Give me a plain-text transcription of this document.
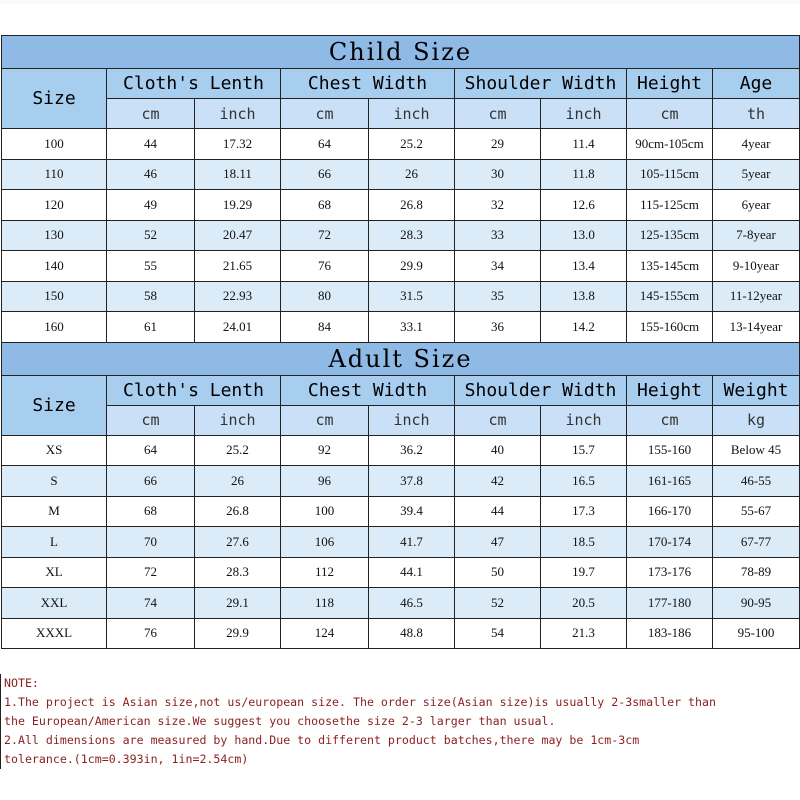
Child Size								
Size	Cloth's Lenth		Chest Width		Shoulder Width		Height	Age
	cm	inch	cm	inch	cm	inch	cm	th
100	44	17.32	64	25.2	29	11.4	90cm-105cm	4year
110	46	18.11	66	26	30	11.8	105-115cm	5year
120	49	19.29	68	26.8	32	12.6	115-125cm	6year
130	52	20.47	72	28.3	33	13.0	125-135cm	7-8year
140	55	21.65	76	29.9	34	13.4	135-145cm	9-10year
150	58	22.93	80	31.5	35	13.8	145-155cm	11-12year
160	61	24.01	84	33.1	36	14.2	155-160cm	13-14year
Adult Size								
Size	Cloth's Lenth		Chest Width		Shoulder Width		Height	Weight
	cm	inch	cm	inch	cm	inch	cm	kg
XS	64	25.2	92	36.2	40	15.7	155-160	Below 45
S	66	26	96	37.8	42	16.5	161-165	46-55
M	68	26.8	100	39.4	44	17.3	166-170	55-67
L	70	27.6	106	41.7	47	18.5	170-174	67-77
XL	72	28.3	112	44.1	50	19.7	173-176	78-89
XXL	74	29.1	118	46.5	52	20.5	177-180	90-95
XXXL	76	29.9	124	48.8	54	21.3	183-186	95-100
NOTE:
1.The project is Asian size,not us/european size. The order size(Asian size)is usually 2-3smaller than
the European/American size.We suggest you choosethe size 2-3 larger than usual.
2.All dimensions are measured by hand.Due to different product batches,there may be 1cm-3cm
tolerance.(1cm=0.393in, 1in=2.54cm)
